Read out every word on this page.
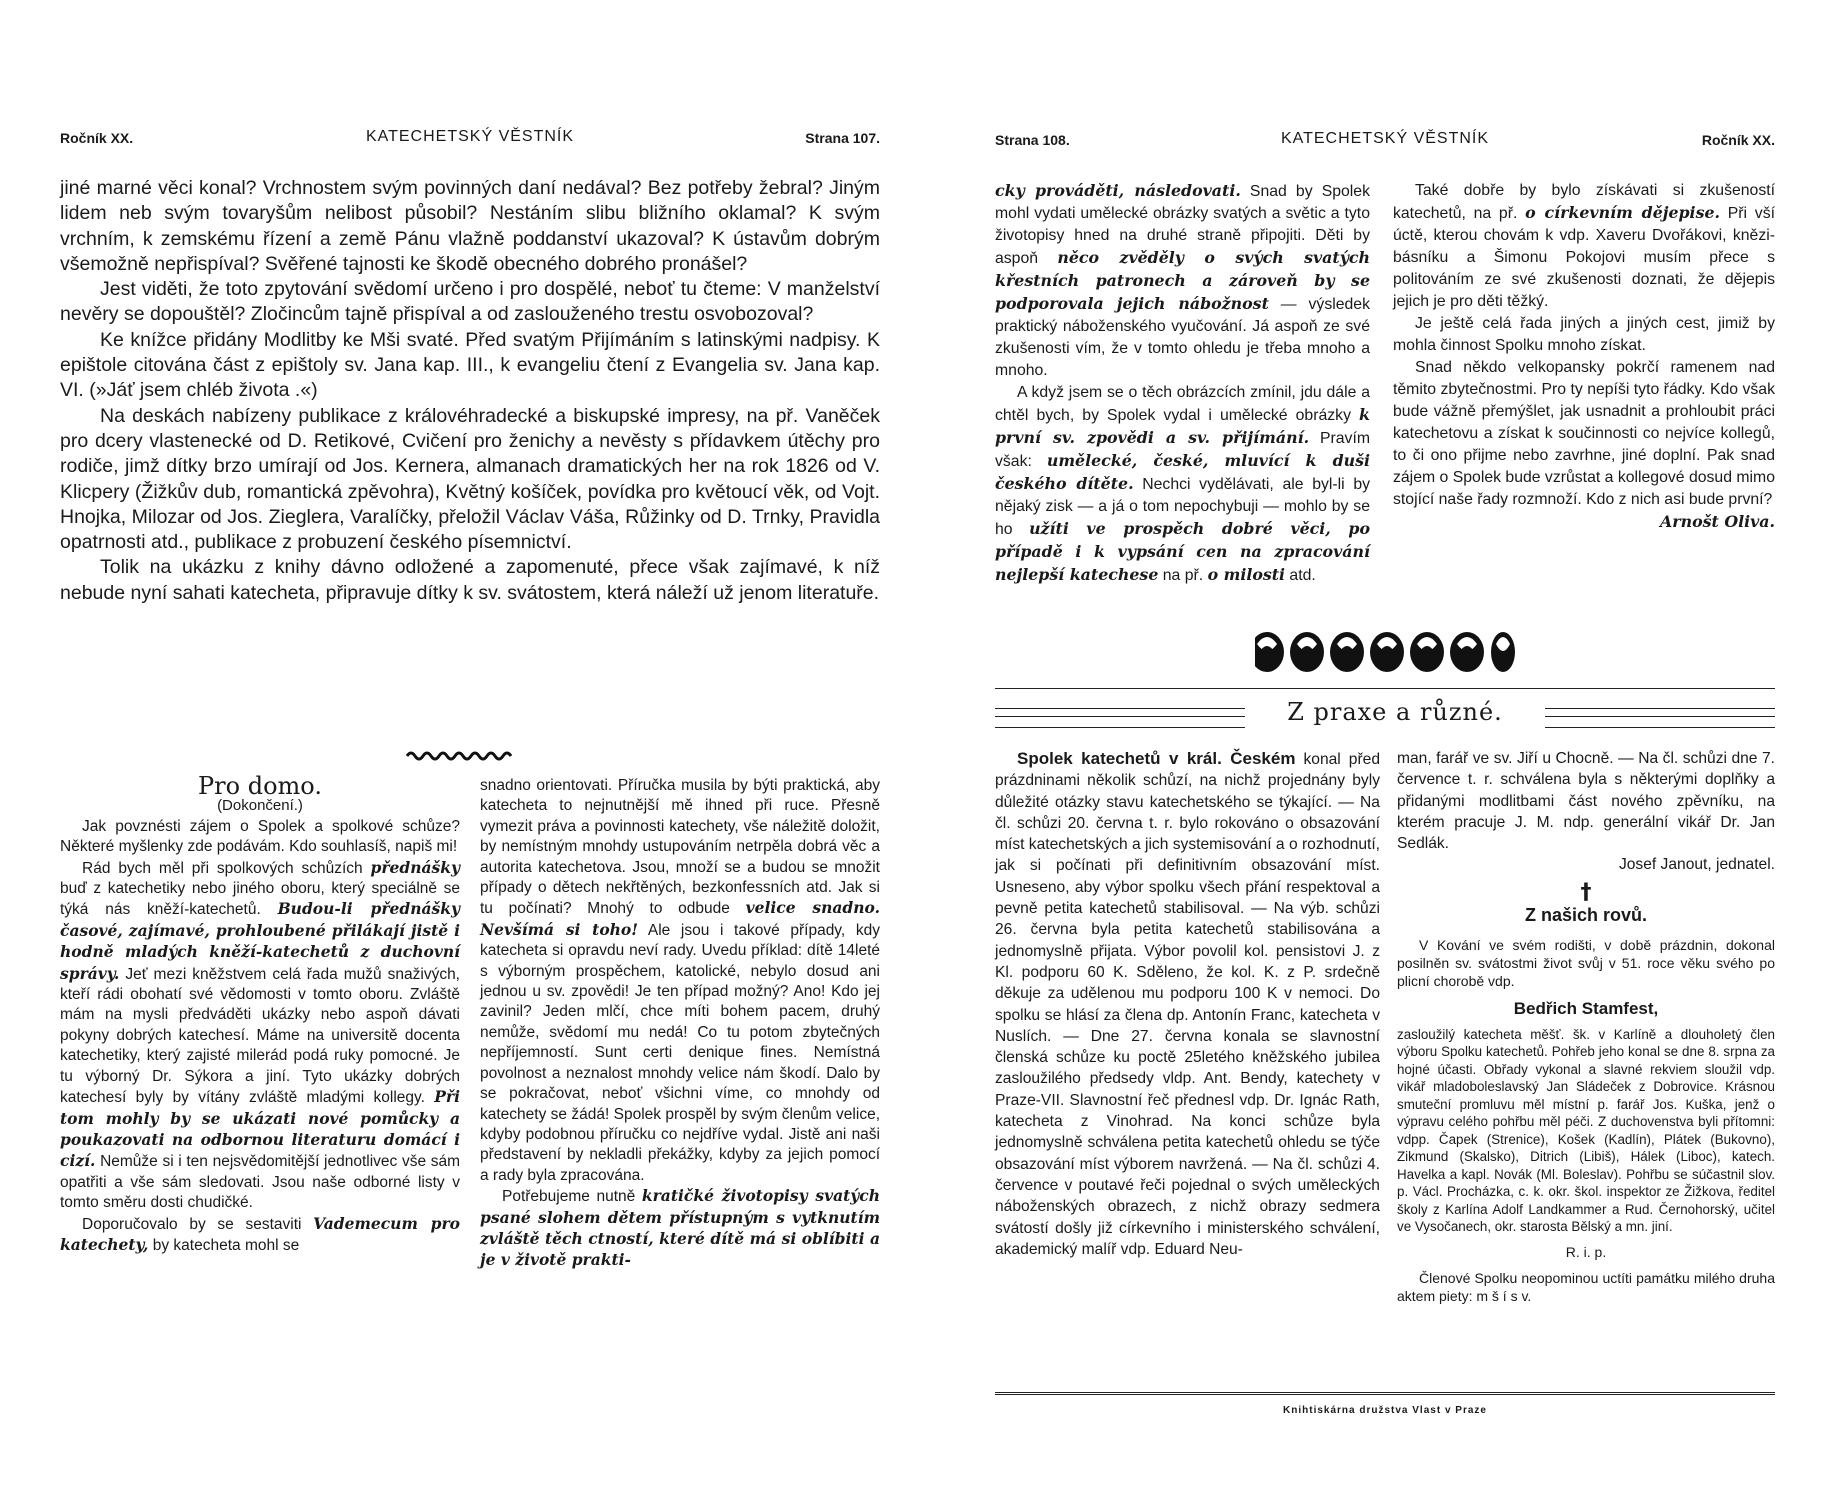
Ročník XX.	KATECHETSKÝ VĚSTNÍK	Strana 107.

jiné marné věci konal? Vrchnostem svým povinných daní nedával? Bez potřeby žebral? Jiným lidem neb svým tovaryšům nelibost působil? Nestáním slibu bližního oklamal? K svým vrchním, k zemskému řízení a země Pánu vlažně poddanství ukazoval? K ústavům dobrým všemožně nepřispíval? Svěřené tajnosti ke škodě obecného dobrého pronášel?

Jest viděti, že toto zpytování svědomí určeno i pro dospělé, neboť tu čteme: V manželství nevěry se dopouštěl? Zločincům tajně přispíval a od zaslouženého trestu osvobozoval?

Ke knížce přidány Modlitby ke Mši svaté. Před svatým Přijímáním s latinskými nadpisy. K epištole citována část z epištoly sv. Jana kap. III., k evangeliu čtení z Evangelia sv. Jana kap. VI. (»Jáť jsem chléb života .«)

Na deskách nabízeny publikace z královéhradecké a biskupské impresy, na př. Vaněček pro dcery vlastenecké od D. Retikové, Cvičení pro ženichy a nevěsty s přídavkem útěchy pro rodiče, jimž dítky brzo umírají od Jos. Kernera, almanach dramatických her na rok 1826 od V. Klicpery (Žižkův dub, romantická zpěvohra), Květný košíček, povídka pro květoucí věk, od Vojt. Hnojka, Milozar od Jos. Zieglera, Varalíčky, přeložil Václav Váša, Růžinky od D. Trnky, Pravidla opatrnosti atd., publikace z probuzení českého písemnictví.

Tolik na ukázku z knihy dávno odložené a zapomenuté, přece však zajímavé, k níž nebude nyní sahati katecheta, připravuje dítky k sv. svátostem, která náleží už jenom literatuře.

Pro domo.

(Dokončení.)

Jak povznésti zájem o Spolek a spolkové schůze? Některé myšlenky zde podávám. Kdo souhlasíš, napiš mi!

Rád bych měl při spolkových schůzích přednášky buď z katechetiky nebo jiného oboru, který speciálně se týká nás kněží-katechetů. Budou-li přednášky časové, zajímavé, prohloubené přilákají jistě i hodně mladých kněží-katechetů z duchovní správy. Jeť mezi kněžstvem celá řada mužů snaživých, kteří rádi obohatí své vědomosti v tomto oboru. Zvláště mám na mysli předváděti ukázky nebo aspoň dávati pokyny dobrých katechesí. Máme na universitě docenta katechetiky, který zajisté milerád podá ruky pomocné. Je tu výborný Dr. Sýkora a jiní. Tyto ukázky dobrých katechesí byly by vítány zvláště mladými kollegy. Při tom mohly by se ukázati nové pomůcky a poukazovati na odbornou literaturu domácí i cizí. Nemůže si i ten nejsvědomitější jednotlivec vše sám opatřiti a vše sám sledovati. Jsou naše odborné listy v tomto směru dosti chudičké.

Doporučovalo by se sestaviti Vademecum pro katechety, by katecheta mohl se

snadno orientovati. Příručka musila by býti praktická, aby katecheta to nejnutnější mě ihned při ruce. Přesně vymezit práva a povinnosti katechety, vše náležitě doložit, by nemístným mnohdy ustupováním netrpěla dobrá věc a autorita katechetova. Jsou, množí se a budou se množit případy o dětech nekřtěných, bezkonfessních atd. Jak si tu počínati? Mnohý to odbude velice snadno. Nevšímá si toho! Ale jsou i takové případy, kdy katecheta si opravdu neví rady. Uvedu příklad: dítě 14leté s výborným prospěchem, katolické, nebylo dosud ani jednou u sv. zpovědi! Je ten případ možný? Ano! Kdo jej zavinil? Jeden mlčí, chce míti bohem pacem, druhý nemůže, svědomí mu nedá! Co tu potom zbytečných nepříjemností. Sunt certi denique fines. Nemístná povolnost a neznalost mnohdy velice nám škodí. Dalo by se pokračovat, neboť všichni víme, co mnohdy od katechety se žádá! Spolek prospěl by svým členům velice, kdyby podobnou příručku co nejdříve vydal. Jistě ani naši představení by nekladli překážky, kdyby za jejich pomocí a rady byla zpracována.

Potřebujeme nutně kratičké životopisy svatých psané slohem dětem přístupným s vytknutím zvláště těch ctností, které dítě má si oblíbiti a je v životě prakti-

Strana 108.	KATECHETSKÝ VĚSTNÍK	Ročník XX.

cky prováděti, následovati. Snad by Spolek mohl vydati umělecké obrázky svatých a světic a tyto životopisy hned na druhé straně připojiti. Děti by aspoň něco zvěděly o svých svatých křestních patronech a zároveň by se podporovala jejich nábožnost — výsledek praktický náboženského vyučování. Já aspoň ze své zkušenosti vím, že v tomto ohledu je třeba mnoho a mnoho.

A když jsem se o těch obrázcích zmínil, jdu dále a chtěl bych, by Spolek vydal i umělecké obrázky k první sv. zpovědi a sv. přijímání. Pravím však: umělecké, české, mluvící k duši českého dítěte. Nechci vydělávati, ale byl-li by nějaký zisk — a já o tom nepochybuji — mohlo by se ho užíti ve prospěch dobré věci, po případě i k vypsání cen na zpracování nejlepší katechese na př. o milosti atd.

Také dobře by bylo získávati si zkušeností katechetů, na př. o církevním dějepise. Při vší úctě, kterou chovám k vdp. Xaveru Dvořákovi, knězi-básníku a Šimonu Pokojovi musím přece s politováním ze své zkušenosti doznati, že dějepis jejich je pro děti těžký.

Je ještě celá řada jiných a jiných cest, jimiž by mohla činnost Spolku mnoho získat.

Snad někdo velkopansky pokrčí ramenem nad těmito zbytečnostmi. Pro ty nepíši tyto řádky. Kdo však bude vážně přemýšlet, jak usnadnit a prohloubit práci katechetovu a získat k součinnosti co nejvíce kollegů, to či ono přijme nebo zavrhne, jiné doplní. Pak snad zájem o Spolek bude vzrůstat a kollegové dosud mimo stojící naše řady rozmnoží. Kdo z nich asi bude první?

Arnošt Oliva.

Z praxe a různé.

Spolek katechetů v král. Českém konal před prázdninami několik schůzí, na nichž projednány byly důležité otázky stavu katechetského se týkající. — Na čl. schůzi 20. června t. r. bylo rokováno o obsazování míst katechetských a jich systemisování a o rozhodnutí, jak si počínati při definitivním obsazování míst. Usneseno, aby výbor spolku všech přání respektoval a pevně petita katechetů stabilisoval. — Na výb. schůzi 26. června byla petita katechetů stabilisována a jednomyslně přijata. Výbor povolil kol. pensistovi J. z Kl. podporu 60 K. Sděleno, že kol. K. z P. srdečně děkuje za udělenou mu podporu 100 K v nemoci. Do spolku se hlásí za člena dp. Antonín Franc, katecheta v Nuslích. — Dne 27. června konala se slavnostní členská schůze ku poctě 25letého kněžského jubilea zasloužilého předsedy vldp. Ant. Bendy, katechety v Praze-VII. Slavnostní řeč přednesl vdp. Dr. Ignác Rath, katecheta z Vinohrad. Na konci schůze byla jednomyslně schválena petita katechetů ohledu se týče obsazování míst výborem navržená. — Na čl. schůzi 4. července v poutavé řeči pojednal o svých uměleckých náboženských obrazech, z nichž obrazy sedmera svátostí došly již církevního i ministerského schválení, akademický malíř vdp. Eduard Neu-

man, farář ve sv. Jiří u Chocně. — Na čl. schůzi dne 7. července t. r. schválena byla s některými doplňky a přidanými modlitbami část nového zpěvníku, na kterém pracuje J. M. ndp. generální vikář Dr. Jan Sedlák.

Josef Janout, jednatel.

†

Z našich rovů.

V Kování ve svém rodišti, v době prázdnin, dokonal posilněn sv. svátostmi život svůj v 51. roce věku svého po plicní chorobě vdp.

Bedřich Stamfest,

zasloužilý katecheta měšť. šk. v Karlíně a dlouholetý člen výboru Spolku katechetů. Pohřeb jeho konal se dne 8. srpna za hojné účasti. Obřady vykonal a slavné rekviem sloužil vdp. vikář mladoboleslavský Jan Sládeček z Dobrovice. Krásnou smuteční promluvu měl místní p. farář Jos. Kuška, jenž o výpravu celého pohřbu měl péči. Z duchovenstva byli přítomni: vdpp. Čapek (Strenice), Košek (Kadlín), Plátek (Bukovno), Zikmund (Skalsko), Ditrich (Libiš), Hálek (Liboc), katech. Havelka a kapl. Novák (Ml. Boleslav). Pohřbu se súčastnil slov. p. Václ. Procházka, c. k. okr. škol. inspektor ze Žižkova, ředitel školy z Karlína Adolf Landkammer a Rud. Černohorský, učitel ve Vysočanech, okr. starosta Bělský a mn. jiní.

R. i. p.

Členové Spolku neopominou uctíti památku milého druha aktem piety: m š í s v.

Knihtiskárna družstva Vlast v Praze
